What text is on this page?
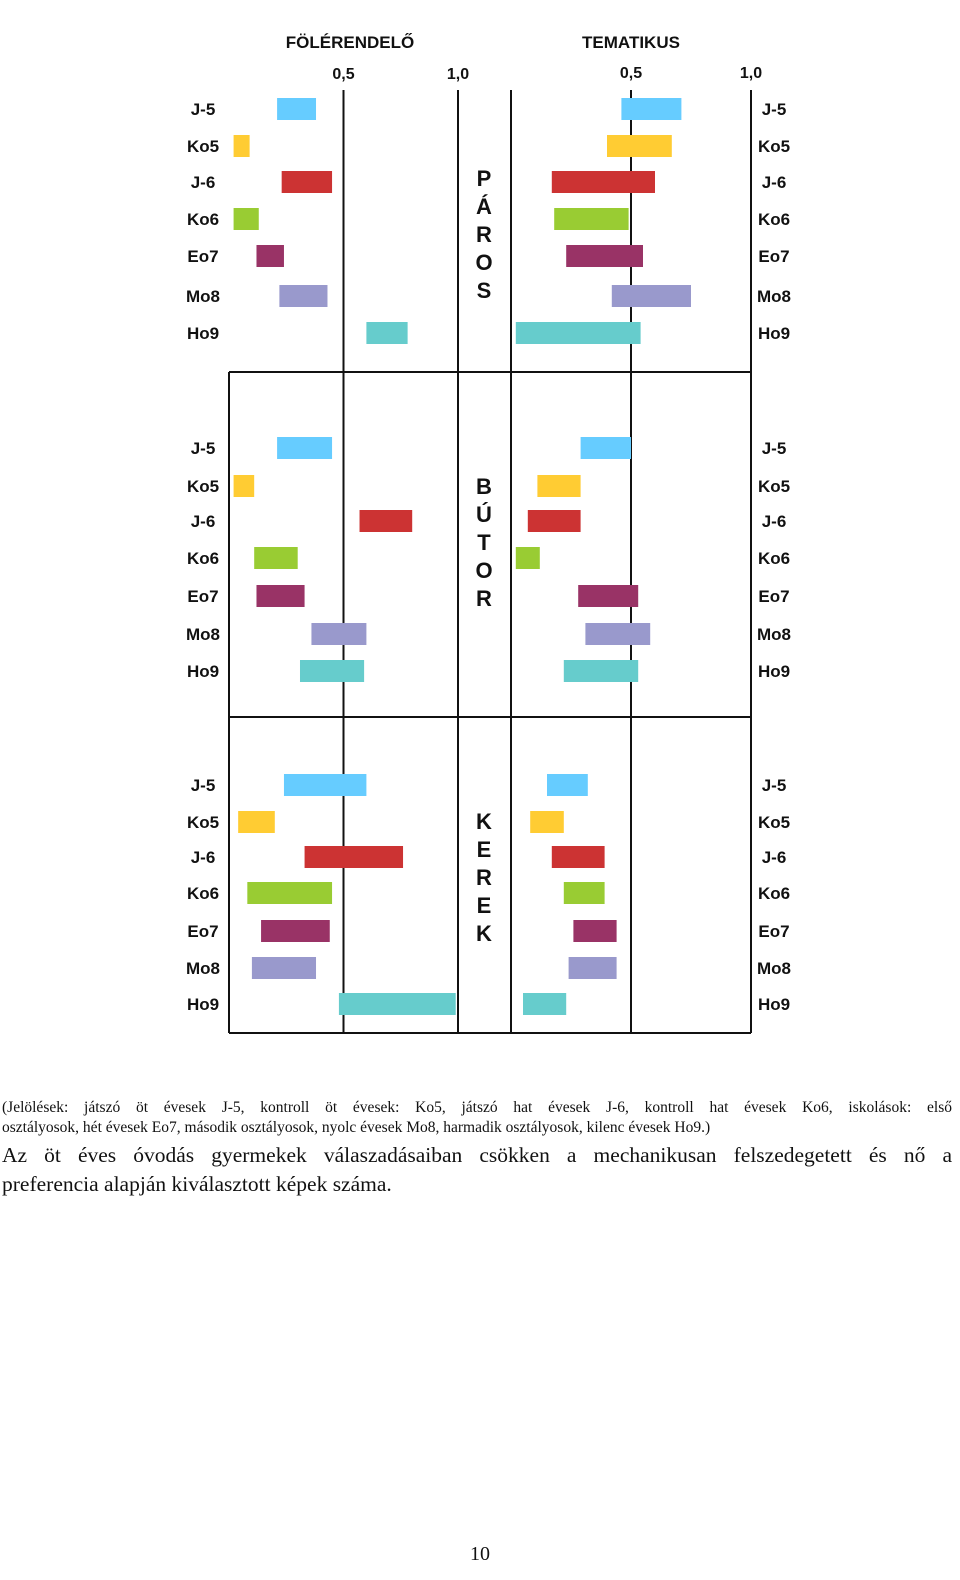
FÖLÉRENDELŐ	TEMATIKUS
0,5	1,0	0,5	1,0
P
Á
R
O
S
J-5	J-5
Ko5	Ko5
J-6	J-6
Ko6	Ko6
Eo7	Eo7
Mo8	Mo8
Ho9	Ho9
B
Ú
T
O
R
J-5	J-5
Ko5	Ko5
J-6	J-6
Ko6	Ko6
Eo7	Eo7
Mo8	Mo8
Ho9	Ho9
K
E
R
E
K
J-5	J-5
Ko5	Ko5
J-6	J-6
Ko6	Ko6
Eo7	Eo7
Mo8	Mo8
Ho9	Ho9
(Jelölések: játszó öt évesek J-5, kontroll öt évesek: Ko5, játszó hat évesek J-6, kontroll hat évesek Ko6, iskolások: első
osztályosok, hét évesek Eo7, második osztályosok, nyolc évesek Mo8, harmadik osztályosok, kilenc évesek Ho9.)
Az öt éves óvodás gyermekek válaszadásaiban csökken a mechanikusan felszedegetett és nő a
preferencia alapján kiválasztott képek száma.
10
